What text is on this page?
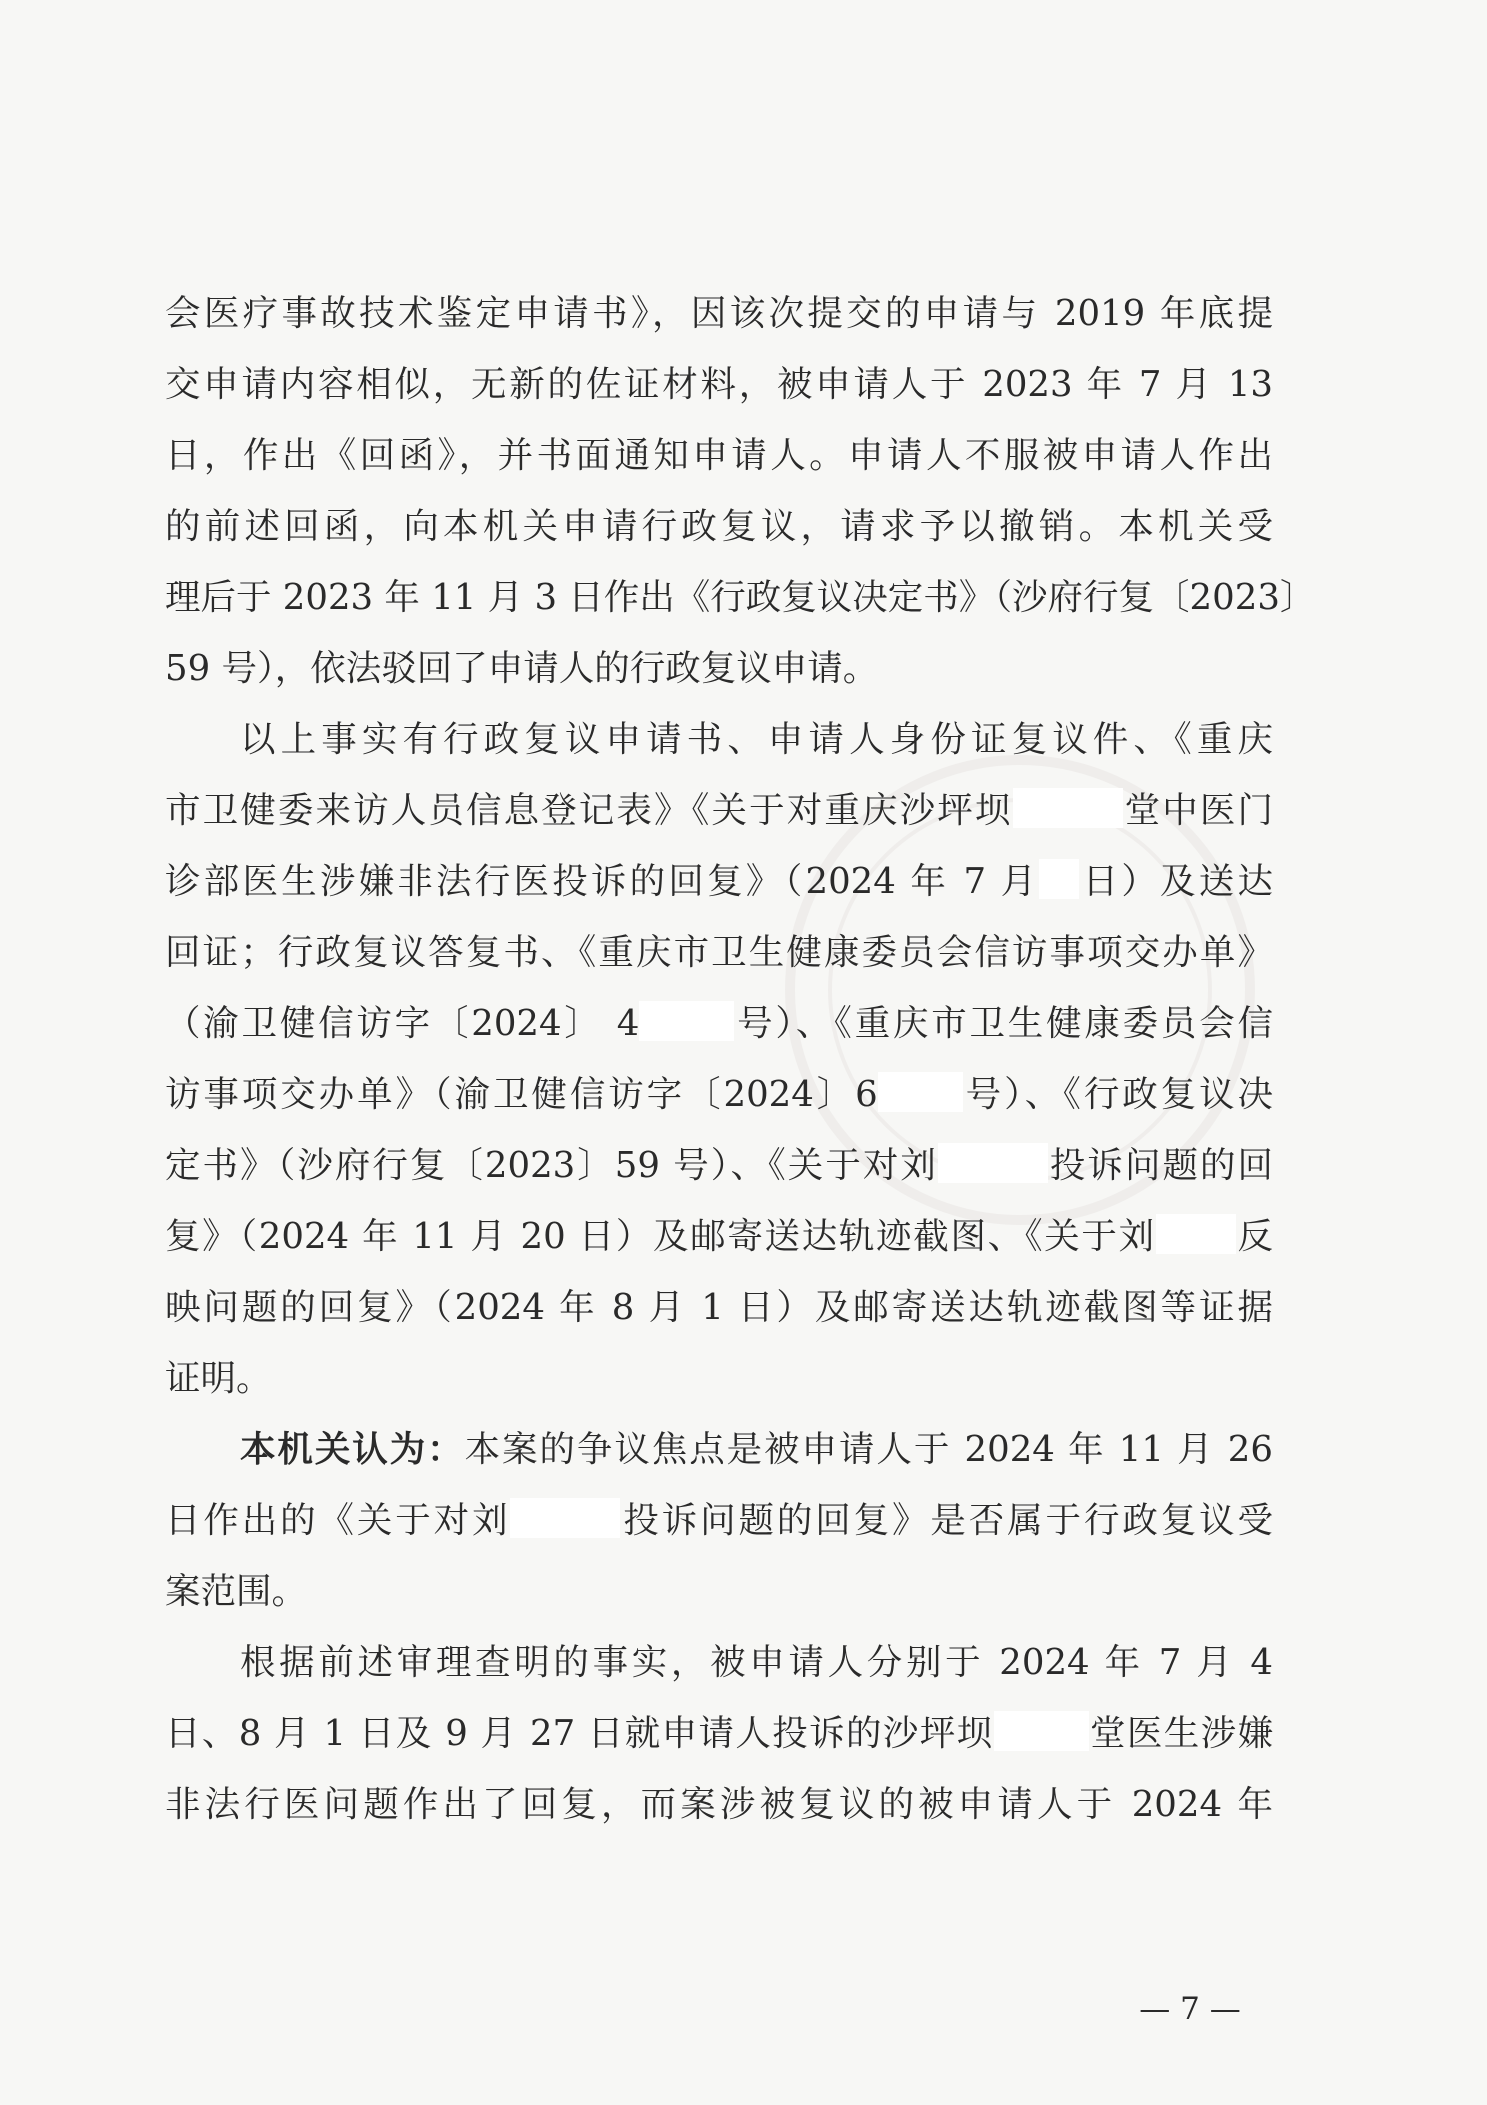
会医疗事故技术鉴定申请书》，因该次提交的申请与 2019 年底提
交申请内容相似，无新的佐证材料，被申请人于 2023 年 7 月 13
日，作出《回函》，并书面通知申请人。申请人不服被申请人作出
的前述回函，向本机关申请行政复议，请求予以撤销。本机关受
理后于 2023 年 11 月 3 日作出《行政复议决定书》（沙府行复〔2023〕
59 号），依法驳回了申请人的行政复议申请。
以上事实有行政复议申请书、申请人身份证复议件、《重庆
市卫健委来访人员信息登记表》《关于对重庆沙坪坝	堂中医门
诊部医生涉嫌非法行医投诉的回复》（2024 年 7 月 日）及送达
回证；行政复议答复书、《重庆市卫生健康委员会信访事项交办单》
（渝卫健信访字〔2024〕 4	号）、《重庆市卫生健康委员会信
访事项交办单》（渝卫健信访字〔2024〕6 号）、《行政复议决
定书》（沙府行复〔2023〕59 号）、《关于对刘	投诉问题的回
复》（2024 年 11 月 20 日）及邮寄送达轨迹截图、《关于刘 反
映问题的回复》（2024 年 8 月 1 日）及邮寄送达轨迹截图等证据
证明。
本机关认为：本案的争议焦点是被申请人于 2024 年 11 月 26
日作出的《关于对刘	投诉问题的回复》是否属于行政复议受
案范围。
根据前述审理查明的事实，被申请人分别于 2024 年 7 月 4
日、8 月 1 日及 9 月 27 日就申请人投诉的沙坪坝	堂医生涉嫌
非法行医问题作出了回复，而案涉被复议的被申请人于 2024 年
— 7 —
